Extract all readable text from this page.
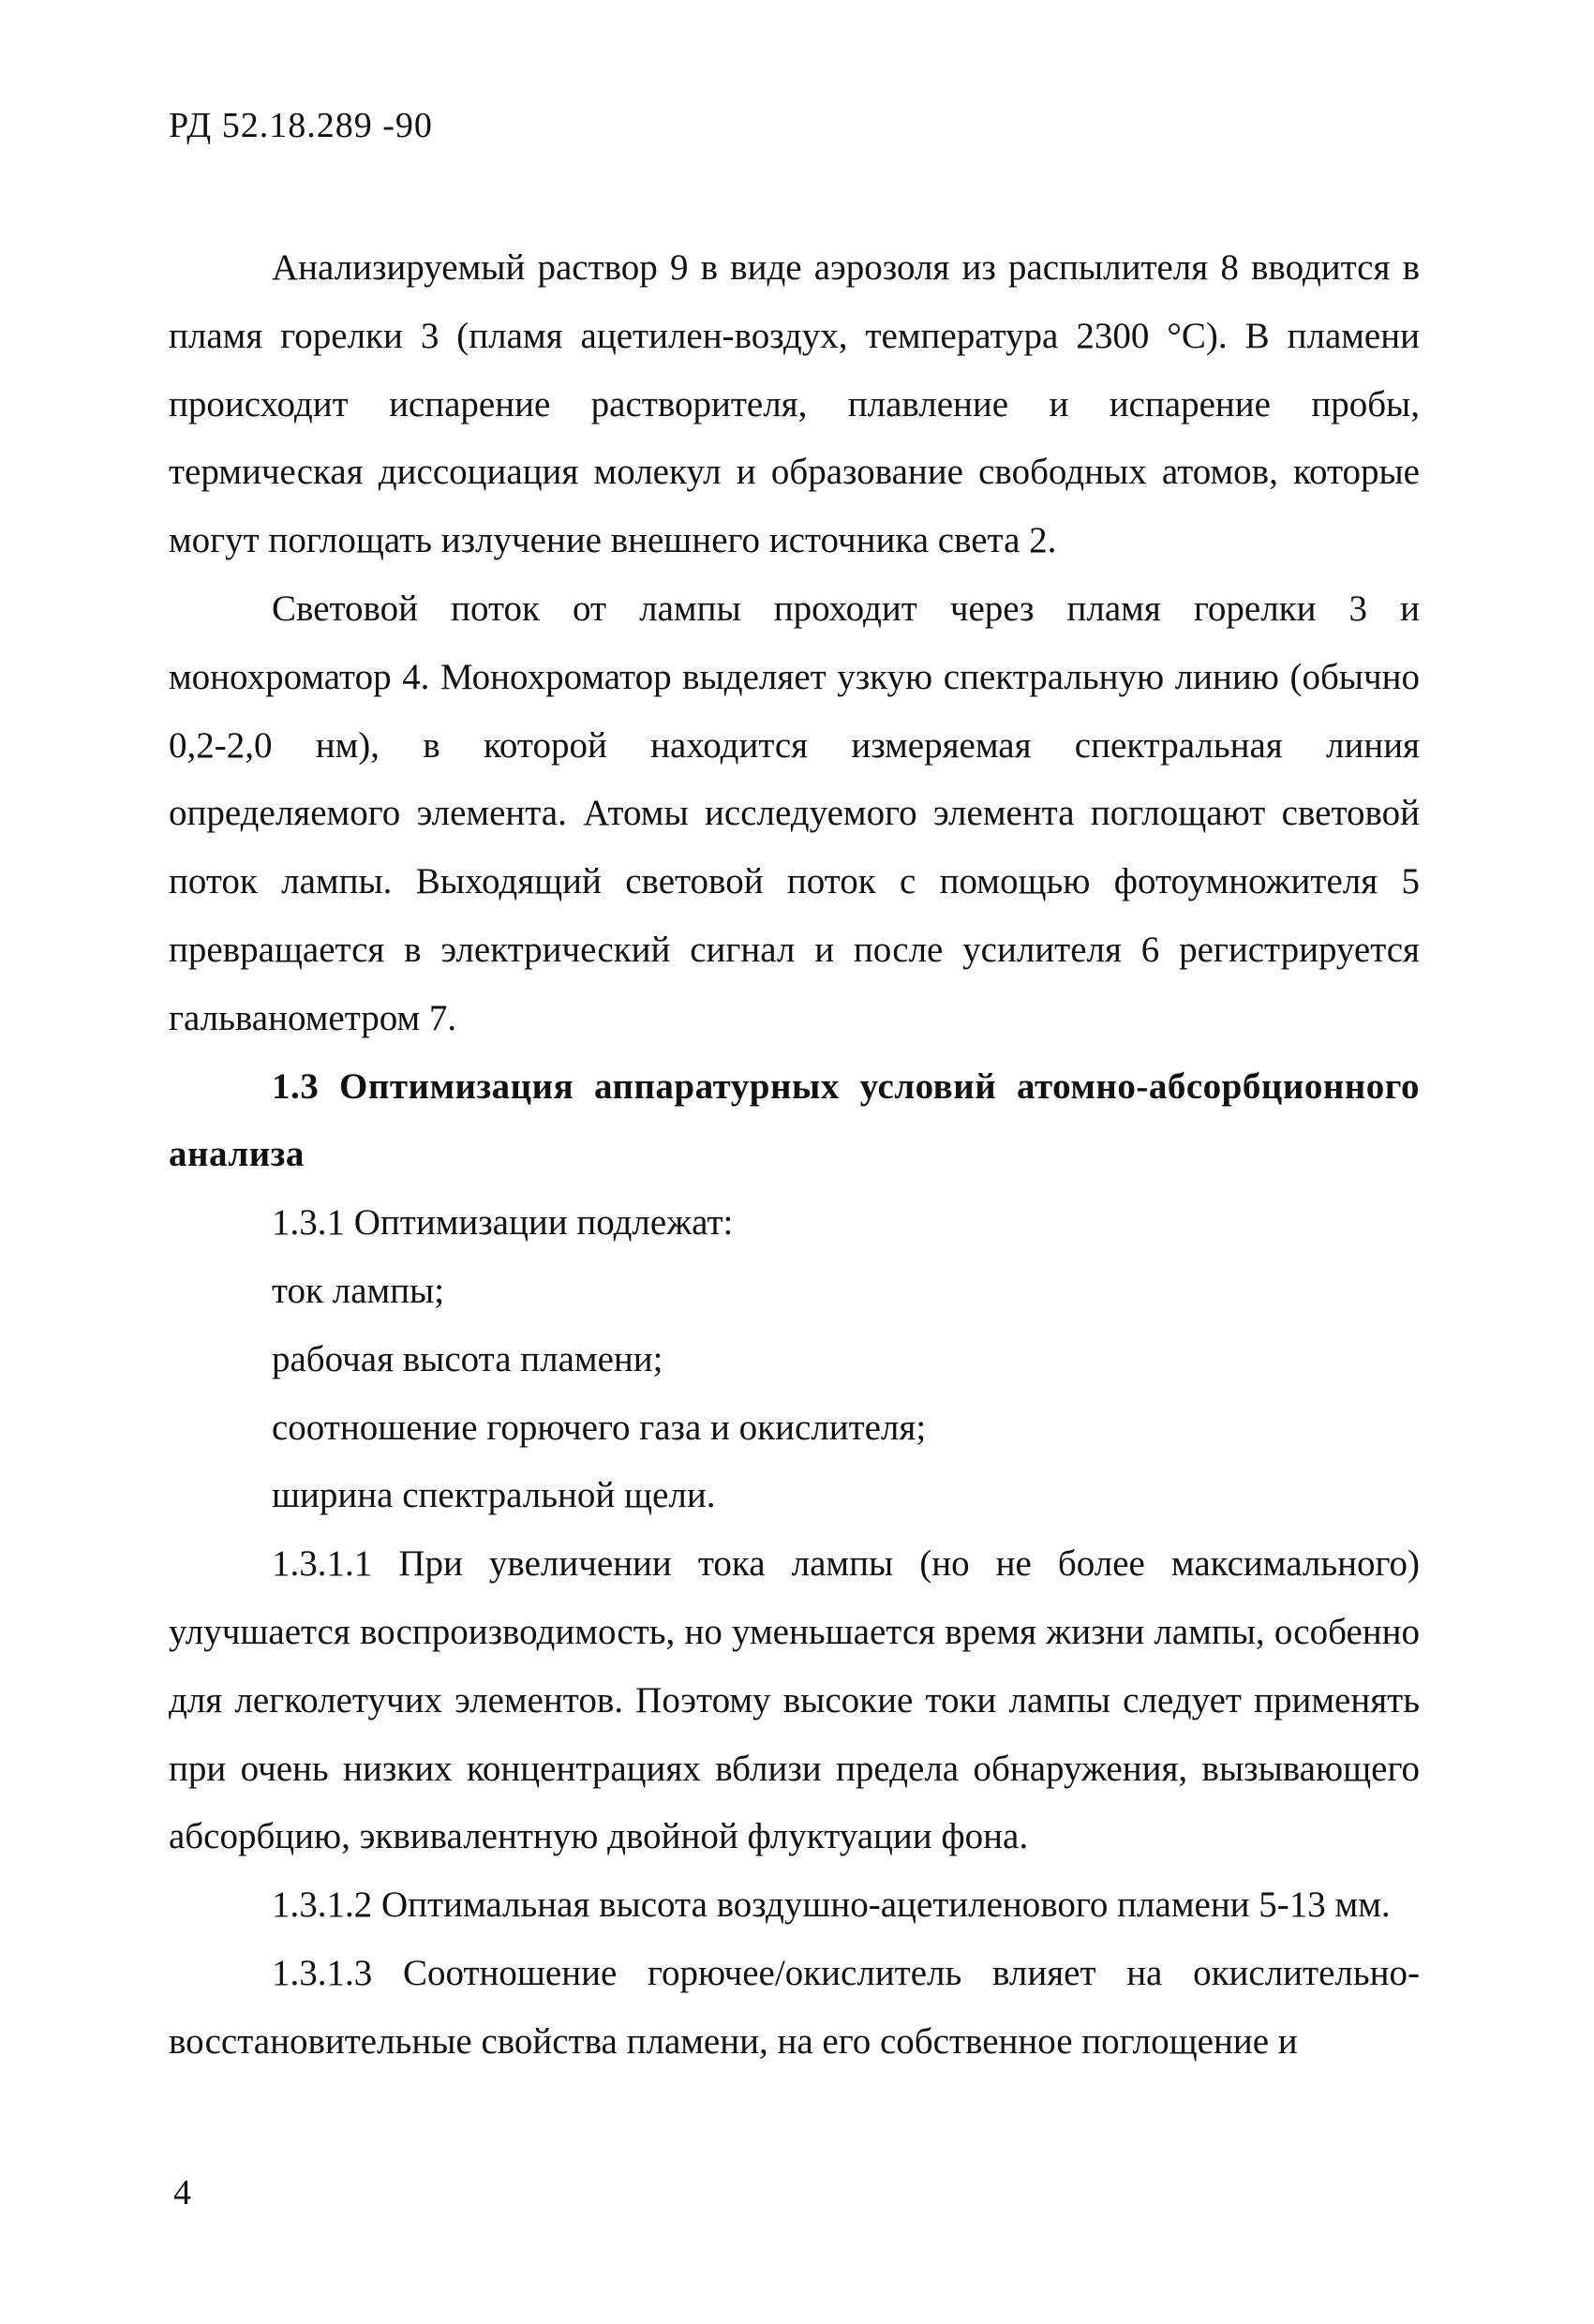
РД 52.18.289 -90

Анализируемый раствор 9 в виде аэрозоля из распылителя 8 вводится в пламя горелки 3 (пламя ацетилен-воздух, температура 2300 °С). В пламени происходит испарение растворителя, плавление и испарение пробы, термическая диссоциация молекул и образование свободных атомов, которые могут поглощать излучение внешнего источника света 2.

Световой поток от лампы проходит через пламя горелки 3 и монохроматор 4. Монохроматор выделяет узкую спектральную линию (обычно 0,2-2,0 нм), в которой находится измеряемая спектральная линия определяемого элемента. Атомы исследуемого элемента поглощают световой поток лампы. Выходящий световой поток с помощью фотоумножителя 5 превращается в электрический сигнал и после усилителя 6 регистрируется гальванометром 7.

1.3 Оптимизация аппаратурных условий атомно-абсорбционного анализа

1.3.1 Оптимизации подлежат:

ток лампы;

рабочая высота пламени;

соотношение горючего газа и окислителя;

ширина спектральной щели.

1.3.1.1 При увеличении тока лампы (но не более максимального) улучшается воспроизводимость, но уменьшается время жизни лампы, особенно для легколетучих элементов. Поэтому высокие токи лампы следует применять при очень низких концентрациях вблизи предела обнаружения, вызывающего абсорбцию, эквивалентную двойной флуктуации фона.

1.3.1.2 Оптимальная высота воздушно-ацетиленового пламени 5-13 мм.

1.3.1.3 Соотношение горючее/окислитель влияет на окислительно-восстановительные свойства пламени, на его собственное поглощение и

4
